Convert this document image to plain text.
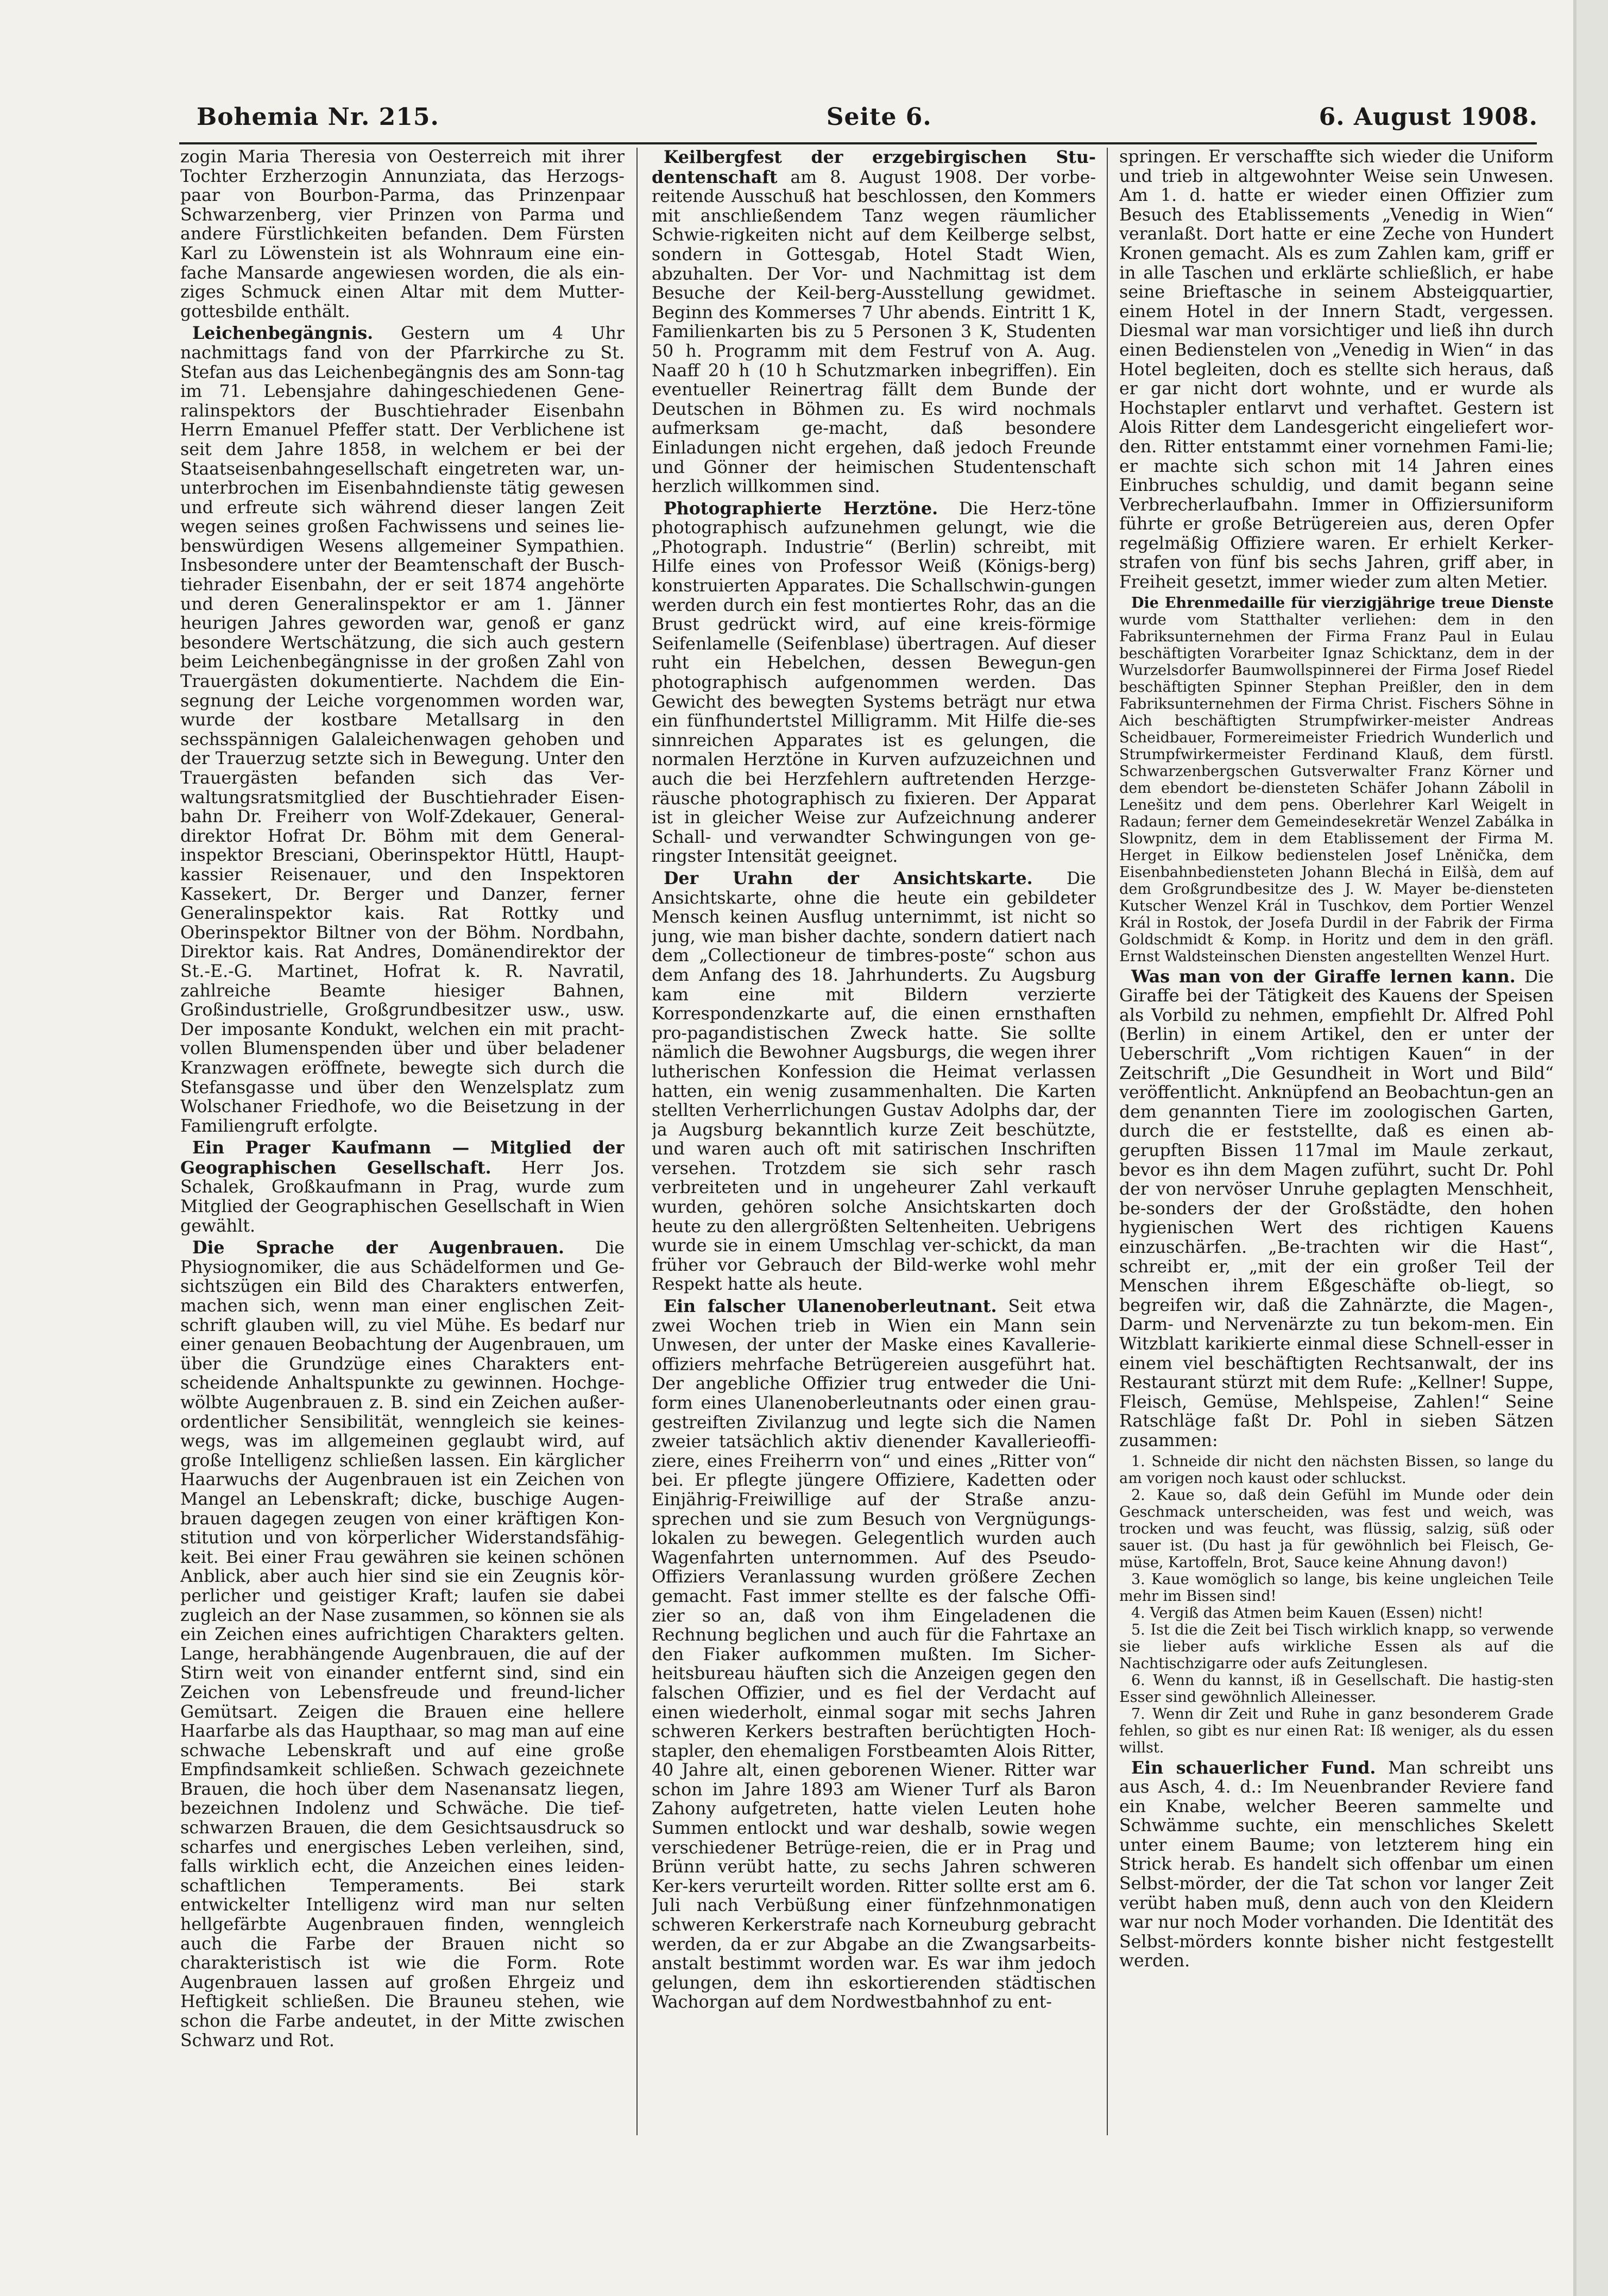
Bohemia Nr. 215.	Seite 6.	6. August 1908.

zogin Maria Theresia von Oesterreich mit ihrer Tochter Erzherzogin Annunziata, das Herzogs-paar von Bourbon-Parma, das Prinzenpaar Schwarzenberg, vier Prinzen von Parma und andere Fürstlichkeiten befanden. Dem Fürsten Karl zu Löwenstein ist als Wohnraum eine ein-fache Mansarde angewiesen worden, die als ein-ziges Schmuck einen Altar mit dem Mutter-gottesbilde enthält.

Leichenbegängnis. Gestern um 4 Uhr nachmittags fand von der Pfarrkirche zu St. Stefan aus das Leichenbegängnis des am Sonn-tag im 71. Lebensjahre dahingeschiedenen Gene-ralinspektors der Buschtiehrader Eisenbahn Herrn Emanuel Pfeffer statt. Der Verblichene ist seit dem Jahre 1858, in welchem er bei der Staatseisenbahngesellschaft eingetreten war, un-unterbrochen im Eisenbahndienste tätig gewesen und erfreute sich während dieser langen Zeit wegen seines großen Fachwissens und seines lie-benswürdigen Wesens allgemeiner Sympathien. Insbesondere unter der Beamtenschaft der Busch-tiehrader Eisenbahn, der er seit 1874 angehörte und deren Generalinspektor er am 1. Jänner heurigen Jahres geworden war, genoß er ganz besondere Wertschätzung, die sich auch gestern beim Leichenbegängnisse in der großen Zahl von Trauergästen dokumentierte. Nachdem die Ein-segnung der Leiche vorgenommen worden war, wurde der kostbare Metallsarg in den sechsspännigen Galaleichenwagen gehoben und der Trauerzug setzte sich in Bewegung. Unter den Trauergästen befanden sich das Ver-waltungsratsmitglied der Buschtiehrader Eisen-bahn Dr. Freiherr von Wolf-Zdekauer, General-direktor Hofrat Dr. Böhm mit dem General-inspektor Bresciani, Oberinspektor Hüttl, Haupt-kassier Reisenauer, und den Inspektoren Kassekert, Dr. Berger und Danzer, ferner Generalinspektor kais. Rat Rottky und Oberinspektor Biltner von der Böhm. Nordbahn, Direktor kais. Rat Andres, Domänendirektor der St.-E.-G. Martinet, Hofrat k. R. Navratil, zahlreiche Beamte hiesiger Bahnen, Großindustrielle, Großgrundbesitzer usw., usw. Der imposante Kondukt, welchen ein mit pracht-vollen Blumenspenden über und über beladener Kranzwagen eröffnete, bewegte sich durch die Stefansgasse und über den Wenzelsplatz zum Wolschaner Friedhofe, wo die Beisetzung in der Familiengruft erfolgte.

Ein Prager Kaufmann — Mitglied der Geographischen Gesellschaft. Herr Jos. Schalek, Großkaufmann in Prag, wurde zum Mitglied der Geographischen Gesellschaft in Wien gewählt.

Die Sprache der Augenbrauen. Die Physiognomiker, die aus Schädelformen und Ge-sichtszügen ein Bild des Charakters entwerfen, machen sich, wenn man einer englischen Zeit-schrift glauben will, zu viel Mühe. Es bedarf nur einer genauen Beobachtung der Augenbrauen, um über die Grundzüge eines Charakters ent-scheidende Anhaltspunkte zu gewinnen. Hochge-wölbte Augenbrauen z. B. sind ein Zeichen außer-ordentlicher Sensibilität, wenngleich sie keines-wegs, was im allgemeinen geglaubt wird, auf große Intelligenz schließen lassen. Ein kärglicher Haarwuchs der Augenbrauen ist ein Zeichen von Mangel an Lebenskraft; dicke, buschige Augen-brauen dagegen zeugen von einer kräftigen Kon-stitution und von körperlicher Widerstandsfähig-keit. Bei einer Frau gewähren sie keinen schönen Anblick, aber auch hier sind sie ein Zeugnis kör-perlicher und geistiger Kraft; laufen sie dabei zugleich an der Nase zusammen, so können sie als ein Zeichen eines aufrichtigen Charakters gelten. Lange, herabhängende Augenbrauen, die auf der Stirn weit von einander entfernt sind, sind ein Zeichen von Lebensfreude und freund-licher Gemütsart. Zeigen die Brauen eine hellere Haarfarbe als das Haupthaar, so mag man auf eine schwache Lebenskraft und auf eine große Empfindsamkeit schließen. Schwach gezeichnete Brauen, die hoch über dem Nasenansatz liegen, bezeichnen Indolenz und Schwäche. Die tief-schwarzen Brauen, die dem Gesichtsausdruck so scharfes und energisches Leben verleihen, sind, falls wirklich echt, die Anzeichen eines leiden-schaftlichen Temperaments. Bei stark entwickelter Intelligenz wird man nur selten hellgefärbte Augenbrauen finden, wenngleich auch die Farbe der Brauen nicht so charakteristisch ist wie die Form. Rote Augenbrauen lassen auf großen Ehrgeiz und Heftigkeit schließen. Die Brauneu stehen, wie schon die Farbe andeutet, in der Mitte zwischen Schwarz und Rot.

Keilbergfest der erzgebirgischen Stu-dentenschaft am 8. August 1908. Der vorbe-reitende Ausschuß hat beschlossen, den Kommers mit anschließendem Tanz wegen räumlicher Schwie-rigkeiten nicht auf dem Keilberge selbst, sondern in Gottesgab, Hotel Stadt Wien, abzuhalten. Der Vor- und Nachmittag ist dem Besuche der Keil-berg-Ausstellung gewidmet. Beginn des Kommerses 7 Uhr abends. Eintritt 1 K, Familienkarten bis zu 5 Personen 3 K, Studenten 50 h. Programm mit dem Festruf von A. Aug. Naaff 20 h (10 h Schutzmarken inbegriffen). Ein eventueller Reinertrag fällt dem Bunde der Deutschen in Böhmen zu. Es wird nochmals aufmerksam ge-macht, daß besondere Einladungen nicht ergehen, daß jedoch Freunde und Gönner der heimischen Studentenschaft herzlich willkommen sind.

Photographierte Herztöne. Die Herz-töne photographisch aufzunehmen gelungt, wie die „Photograph. Industrie“ (Berlin) schreibt, mit Hilfe eines von Professor Weiß (Königs-berg) konstruierten Apparates. Die Schallschwin-gungen werden durch ein fest montiertes Rohr, das an die Brust gedrückt wird, auf eine kreis-förmige Seifenlamelle (Seifenblase) übertragen. Auf dieser ruht ein Hebelchen, dessen Bewegun-gen photographisch aufgenommen werden. Das Gewicht des bewegten Systems beträgt nur etwa ein fünfhundertstel Milligramm. Mit Hilfe die-ses sinnreichen Apparates ist es gelungen, die normalen Herztöne in Kurven aufzuzeichnen und auch die bei Herzfehlern auftretenden Herzge-räusche photographisch zu fixieren. Der Apparat ist in gleicher Weise zur Aufzeichnung anderer Schall- und verwandter Schwingungen von ge-ringster Intensität geeignet.

Der Urahn der Ansichtskarte. Die Ansichtskarte, ohne die heute ein gebildeter Mensch keinen Ausflug unternimmt, ist nicht so jung, wie man bisher dachte, sondern datiert nach dem „Collectioneur de timbres-poste“ schon aus dem Anfang des 18. Jahrhunderts. Zu Augsburg kam eine mit Bildern verzierte Korrespondenzkarte auf, die einen ernsthaften pro-pagandistischen Zweck hatte. Sie sollte nämlich die Bewohner Augsburgs, die wegen ihrer lutherischen Konfession die Heimat verlassen hatten, ein wenig zusammenhalten. Die Karten stellten Verherrlichungen Gustav Adolphs dar, der ja Augsburg bekanntlich kurze Zeit beschützte, und waren auch oft mit satirischen Inschriften versehen. Trotzdem sie sich sehr rasch verbreiteten und in ungeheurer Zahl verkauft wurden, gehören solche Ansichtskarten doch heute zu den allergrößten Seltenheiten. Uebrigens wurde sie in einem Umschlag ver-schickt, da man früher vor Gebrauch der Bild-werke wohl mehr Respekt hatte als heute.

Ein falscher Ulanenoberleutnant. Seit etwa zwei Wochen trieb in Wien ein Mann sein Unwesen, der unter der Maske eines Kavallerie-offiziers mehrfache Betrügereien ausgeführt hat. Der angebliche Offizier trug entweder die Uni-form eines Ulanenoberleutnants oder einen grau-gestreiften Zivilanzug und legte sich die Namen zweier tatsächlich aktiv dienender Kavallerieoffi-ziere, eines Freiherrn von“ und eines „Ritter von“ bei. Er pflegte jüngere Offiziere, Kadetten oder Einjährig-Freiwillige auf der Straße anzu-sprechen und sie zum Besuch von Vergnügungs-lokalen zu bewegen. Gelegentlich wurden auch Wagenfahrten unternommen. Auf des Pseudo-Offiziers Veranlassung wurden größere Zechen gemacht. Fast immer stellte es der falsche Offi-zier so an, daß von ihm Eingeladenen die Rechnung beglichen und auch für die Fahrtaxe an den Fiaker aufkommen mußten. Im Sicher-heitsbureau häuften sich die Anzeigen gegen den falschen Offizier, und es fiel der Verdacht auf einen wiederholt, einmal sogar mit sechs Jahren schweren Kerkers bestraften berüchtigten Hoch-stapler, den ehemaligen Forstbeamten Alois Ritter, 40 Jahre alt, einen geborenen Wiener. Ritter war schon im Jahre 1893 am Wiener Turf als Baron Zahony aufgetreten, hatte vielen Leuten hohe Summen entlockt und war deshalb, sowie wegen verschiedener Betrüge-reien, die er in Prag und Brünn verübt hatte, zu sechs Jahren schweren Ker-kers verurteilt worden. Ritter sollte erst am 6. Juli nach Verbüßung einer fünfzehnmonatigen schweren Kerkerstrafe nach Korneuburg gebracht werden, da er zur Abgabe an die Zwangsarbeits-anstalt bestimmt worden war. Es war ihm jedoch gelungen, dem ihn eskortierenden städtischen Wachorgan auf dem Nordwestbahnhof zu ent-

springen. Er verschaffte sich wieder die Uniform und trieb in altgewohnter Weise sein Unwesen. Am 1. d. hatte er wieder einen Offizier zum Besuch des Etablissements „Venedig in Wien“ veranlaßt. Dort hatte er eine Zeche von Hundert Kronen gemacht. Als es zum Zahlen kam, griff er in alle Taschen und erklärte schließlich, er habe seine Brieftasche in seinem Absteigquartier, einem Hotel in der Innern Stadt, vergessen. Diesmal war man vorsichtiger und ließ ihn durch einen Bedienstelen von „Venedig in Wien“ in das Hotel begleiten, doch es stellte sich heraus, daß er gar nicht dort wohnte, und er wurde als Hochstapler entlarvt und verhaftet. Gestern ist Alois Ritter dem Landesgericht eingeliefert wor-den. Ritter entstammt einer vornehmen Fami-lie; er machte sich schon mit 14 Jahren eines Einbruches schuldig, und damit begann seine Verbrecherlaufbahn. Immer in Offiziersuniform führte er große Betrügereien aus, deren Opfer regelmäßig Offiziere waren. Er erhielt Kerker-strafen von fünf bis sechs Jahren, griff aber, in Freiheit gesetzt, immer wieder zum alten Metier.

Die Ehrenmedaille für vierzigjährige treue Dienste wurde vom Statthalter verliehen: dem in den Fabriksunternehmen der Firma Franz Paul in Eulau beschäftigten Vorarbeiter Ignaz Schicktanz, dem in der Wurzelsdorfer Baumwollspinnerei der Firma Josef Riedel beschäftigten Spinner Stephan Preißler, den in dem Fabriksunternehmen der Firma Christ. Fischers Söhne in Aich beschäftigten Strumpfwirker-meister Andreas Scheidbauer, Formereimeister Friedrich Wunderlich und Strumpfwirkermeister Ferdinand Klauß, dem fürstl. Schwarzenbergschen Gutsverwalter Franz Körner und dem ebendort be-diensteten Schäfer Johann Zábolil in Lenešitz und dem pens. Oberlehrer Karl Weigelt in Radaun; ferner dem Gemeindesekretär Wenzel Zabálka in Slowpnitz, dem in dem Etablissement der Firma M. Herget in Eilkow bedienstelen Josef Lněnička, dem Eisenbahnbediensteten Johann Blechá in Eilšà, dem auf dem Großgrundbesitze des J. W. Mayer be-diensteten Kutscher Wenzel Král in Tuschkov, dem Portier Wenzel Král in Rostok, der Josefa Durdil in der Fabrik der Firma Goldschmidt & Komp. in Horitz und dem in den gräfl. Ernst Waldsteinschen Diensten angestellten Wenzel Hurt.

Was man von der Giraffe lernen kann. Die Giraffe bei der Tätigkeit des Kauens der Speisen als Vorbild zu nehmen, empfiehlt Dr. Alfred Pohl (Berlin) in einem Artikel, den er unter der Ueberschrift „Vom richtigen Kauen“ in der Zeitschrift „Die Gesundheit in Wort und Bild“ veröffentlicht. Anknüpfend an Beobachtun-gen an dem genannten Tiere im zoologischen Garten, durch die er feststellte, daß es einen ab-gerupften Bissen 117mal im Maule zerkaut, bevor es ihn dem Magen zuführt, sucht Dr. Pohl der von nervöser Unruhe geplagten Menschheit, be-sonders der der Großstädte, den hohen hygienischen Wert des richtigen Kauens einzuschärfen. „Be-trachten wir die Hast“, schreibt er, „mit der ein großer Teil der Menschen ihrem Eßgeschäfte ob-liegt, so begreifen wir, daß die Zahnärzte, die Magen-, Darm- und Nervenärzte zu tun bekom-men. Ein Witzblatt karikierte einmal diese Schnell-esser in einem viel beschäftigten Rechtsanwalt, der ins Restaurant stürzt mit dem Rufe: „Kellner! Suppe, Fleisch, Gemüse, Mehlspeise, Zahlen!“ Seine Ratschläge faßt Dr. Pohl in sieben Sätzen zusammen:

1. Schneide dir nicht den nächsten Bissen, so lange du am vorigen noch kaust oder schluckst.

2. Kaue so, daß dein Gefühl im Munde oder dein Geschmack unterscheiden, was fest und weich, was trocken und was feucht, was flüssig, salzig, süß oder sauer ist. (Du hast ja für gewöhnlich bei Fleisch, Ge-müse, Kartoffeln, Brot, Sauce keine Ahnung davon!)

3. Kaue womöglich so lange, bis keine ungleichen Teile mehr im Bissen sind!

4. Vergiß das Atmen beim Kauen (Essen) nicht!

5. Ist die die Zeit bei Tisch wirklich knapp, so verwende sie lieber aufs wirkliche Essen als auf die Nachtischzigarre oder aufs Zeitunglesen.

6. Wenn du kannst, iß in Gesellschaft. Die hastig-sten Esser sind gewöhnlich Alleinesser.

7. Wenn dir Zeit und Ruhe in ganz besonderem Grade fehlen, so gibt es nur einen Rat: Iß weniger, als du essen willst.

Ein schauerlicher Fund. Man schreibt uns aus Asch, 4. d.: Im Neuenbrander Reviere fand ein Knabe, welcher Beeren sammelte und Schwämme suchte, ein menschliches Skelett unter einem Baume; von letzterem hing ein Strick herab. Es handelt sich offenbar um einen Selbst-mörder, der die Tat schon vor langer Zeit verübt haben muß, denn auch von den Kleidern war nur noch Moder vorhanden. Die Identität des Selbst-mörders konnte bisher nicht festgestellt werden.
